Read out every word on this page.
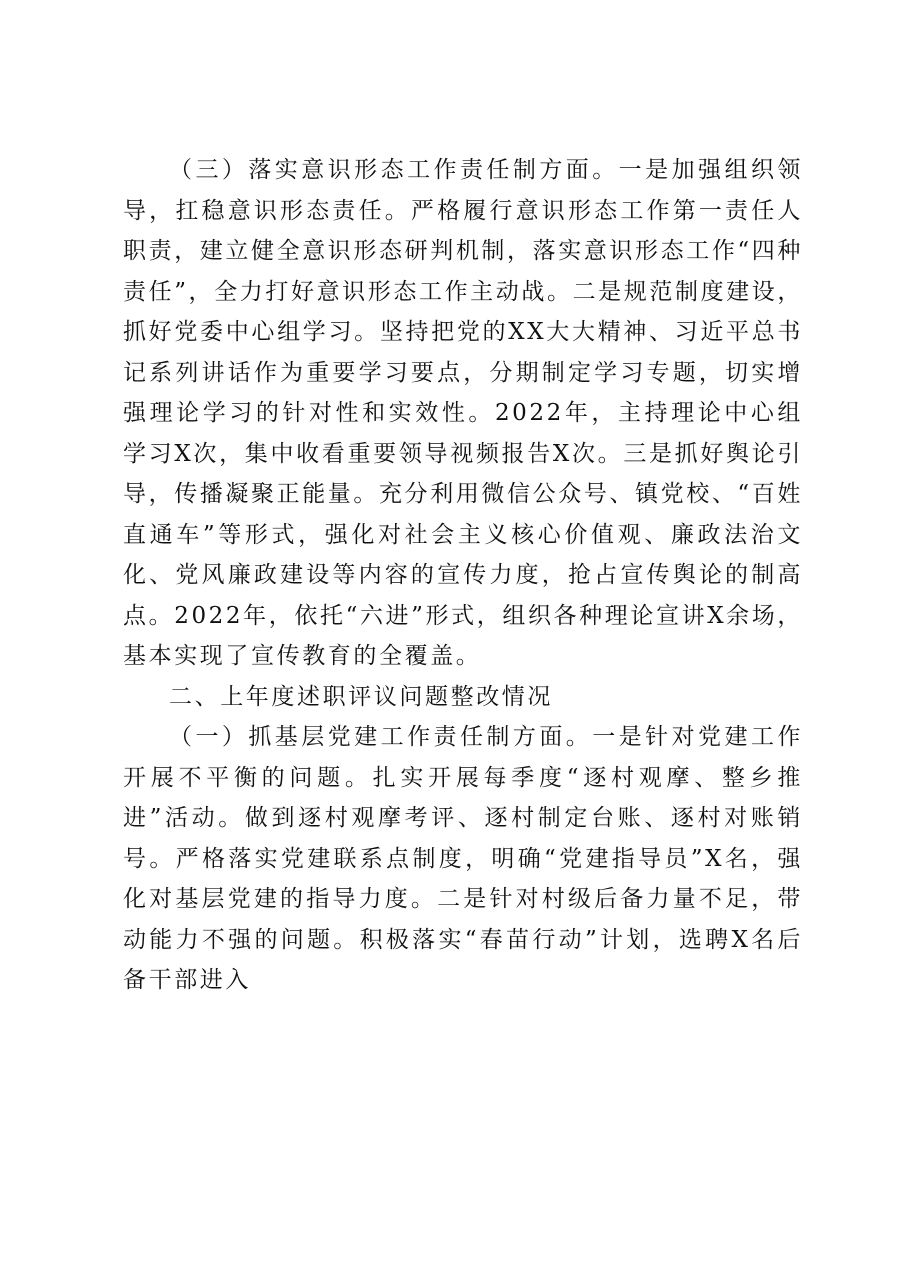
（三）落实意识形态工作责任制方面。一是加强组织领导，扛稳意识形态责任。严格履行意识形态工作第一责任人职责，建立健全意识形态研判机制，落实意识形态工作“四种责任”，全力打好意识形态工作主动战。二是规范制度建设，抓好党委中心组学习。坚持把党的XX大大精神、习近平总书记系列讲话作为重要学习要点，分期制定学习专题，切实增强理论学习的针对性和实效性。2022年，主持理论中心组学习X次，集中收看重要领导视频报告X次。三是抓好舆论引导，传播凝聚正能量。充分利用微信公众号、镇党校、“百姓直通车”等形式，强化对社会主义核心价值观、廉政法治文化、党风廉政建设等内容的宣传力度，抢占宣传舆论的制高点。2022年，依托“六进”形式，组织各种理论宣讲X余场，基本实现了宣传教育的全覆盖。

二、上年度述职评议问题整改情况

（一）抓基层党建工作责任制方面。一是针对党建工作开展不平衡的问题。扎实开展每季度“逐村观摩、整乡推进”活动。做到逐村观摩考评、逐村制定台账、逐村对账销号。严格落实党建联系点制度，明确“党建指导员”X名，强化对基层党建的指导力度。二是针对村级后备力量不足，带动能力不强的问题。积极落实“春苗行动”计划，选聘X名后备干部进入
